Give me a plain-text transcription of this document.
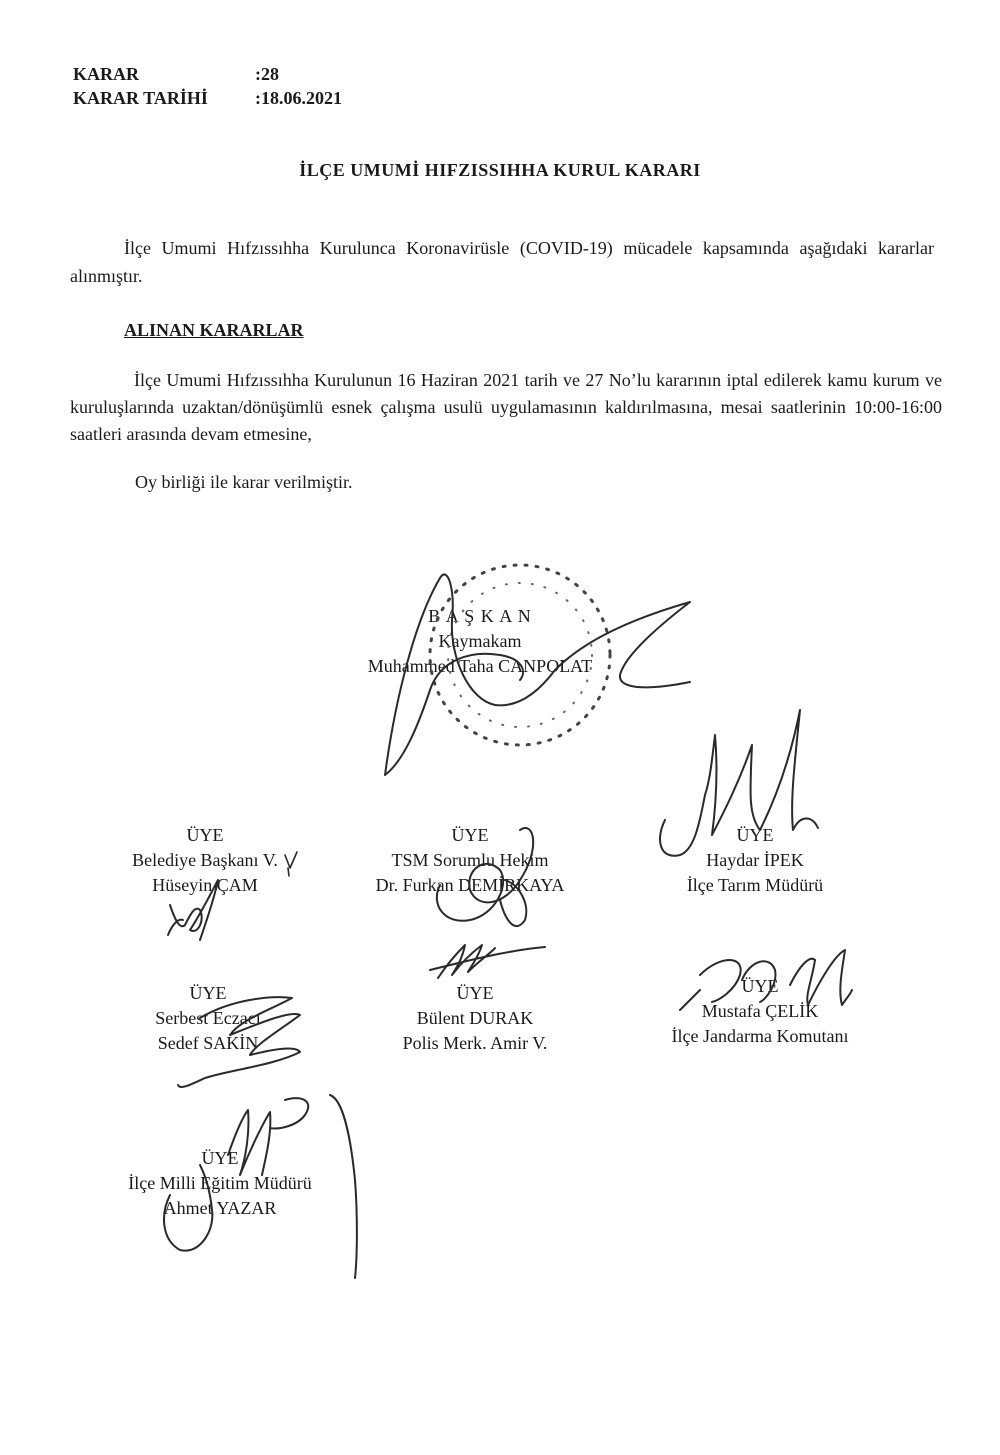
KARAR	:28
KARAR TARİHİ	:18.06.2021
İLÇE UMUMİ HIFZISSIHHA KURUL KARARI
İlçe Umumi Hıfzıssıhha Kurulunca Koronavirüsle (COVID-19) mücadele kapsamında aşağıdaki kararlar alınmıştır.
ALINAN KARARLAR
İlçe Umumi Hıfzıssıhha Kurulunun 16 Haziran 2021 tarih ve 27 No’lu kararının iptal edilerek kamu kurum ve kuruluşlarında uzaktan/dönüşümlü esnek çalışma usulü uygulamasının kaldırılmasına, mesai saatlerinin 10:00-16:00 saatleri arasında devam etmesine,
Oy birliği ile karar verilmiştir.
B A Ş K A N
Kaymakam
Muhammed Taha CANPOLAT
ÜYE
Belediye Başkanı V.
Hüseyin ÇAM
ÜYE
TSM Sorumlu Hekim
Dr. Furkan DEMİRKAYA
ÜYE
Haydar İPEK
İlçe Tarım Müdürü
ÜYE
Serbest Eczacı
Sedef SAKİN
ÜYE
Bülent DURAK
Polis Merk. Amir V.
ÜYE
Mustafa ÇELİK
İlçe Jandarma Komutanı
ÜYE
İlçe Milli Eğitim Müdürü
Ahmet YAZAR
